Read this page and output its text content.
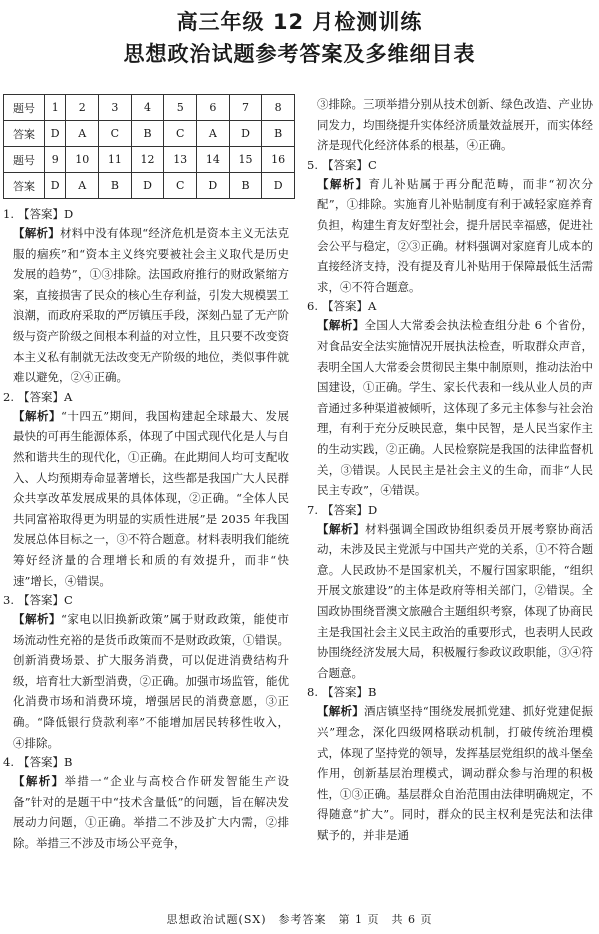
高三年级 12 月检测训练
思想政治试题参考答案及多维细目表
题号	1	2	3	4	5	6	7	8
答案	D	A	C	B	C	A	D	B
题号	9	10	11	12	13	14	15	16
答案	D	A	B	D	C	D	B	D
1. 【答案】D
【解析】材料中没有体现“经济危机是资本主义无法克服的痼疾”和“资本主义终究要被社会主义取代是历史发展的趋势”，①③排除。法国政府推行的财政紧缩方案，直接损害了民众的核心生存利益，引发大规模罢工浪潮，而政府采取的严厉镇压手段，深刻凸显了无产阶级与资产阶级之间根本利益的对立性，且只要不改变资本主义私有制就无法改变无产阶级的地位，类似事件就难以避免，②④正确。
2. 【答案】A
【解析】“十四五”期间，我国构建起全球最大、发展最快的可再生能源体系，体现了中国式现代化是人与自然和谐共生的现代化，①正确。在此期间人均可支配收入、人均预期寿命显著增长，这些都是我国广大人民群众共享改革发展成果的具体体现，②正确。“全体人民共同富裕取得更为明显的实质性进展”是 2035 年我国发展总体目标之一，③不符合题意。材料表明我们能统筹好经济量的合理增长和质的有效提升，而非“快速”增长，④错误。
3. 【答案】C
【解析】“家电以旧换新政策”属于财政政策，能使市场流动性充裕的是货币政策而不是财政政策，①错误。创新消费场景、扩大服务消费，可以促进消费结构升级，培育壮大新型消费，②正确。加强市场监管，能优化消费市场和消费环境，增强居民的消费意愿，③正确。“降低银行贷款利率”不能增加居民转移性收入，④排除。
4. 【答案】B
【解析】举措一“企业与高校合作研发智能生产设备”针对的是题干中“技术含量低”的问题，旨在解决发展动力问题，①正确。举措二不涉及扩大内需，②排除。举措三不涉及市场公平竞争，
③排除。三项举措分别从技术创新、绿色改造、产业协同发力，均围绕提升实体经济质量效益展开，而实体经济是现代化经济体系的根基，④正确。
5. 【答案】C
【解析】育儿补贴属于再分配范畴，而非“初次分配”，①排除。实施育儿补贴制度有利于减轻家庭养育负担，构建生育友好型社会，提升居民幸福感，促进社会公平与稳定，②③正确。材料强调对家庭育儿成本的直接经济支持，没有提及育儿补贴用于保障最低生活需求，④不符合题意。
6. 【答案】A
【解析】全国人大常委会执法检查组分赴 6 个省份，对食品安全法实施情况开展执法检查，听取群众声音，表明全国人大常委会贯彻民主集中制原则，推动法治中国建设，①正确。学生、家长代表和一线从业人员的声音通过多种渠道被倾听，这体现了多元主体参与社会治理，有利于充分反映民意，集中民智，是人民当家作主的生动实践，②正确。人民检察院是我国的法律监督机关，③错误。人民民主是社会主义的生命，而非“人民民主专政”，④错误。
7. 【答案】D
【解析】材料强调全国政协组织委员开展考察协商活动，未涉及民主党派与中国共产党的关系，①不符合题意。人民政协不是国家机关，不履行国家职能，“组织开展文旅建设”的主体是政府等相关部门，②错误。全国政协围绕晋澳文旅融合主题组织考察，体现了协商民主是我国社会主义民主政治的重要形式，也表明人民政协围绕经济发展大局，积极履行参政议政职能，③④符合题意。
8. 【答案】B
【解析】酒店镇坚持“围绕发展抓党建、抓好党建促振兴”理念，深化四级网格联动机制，打破传统治理模式，体现了坚持党的领导，发挥基层党组织的战斗堡垒作用，创新基层治理模式，调动群众参与治理的积极性，①③正确。基层群众自治范围由法律明确规定，不得随意“扩大”。同时，群众的民主权利是宪法和法律赋予的，并非是通
思想政治试题(SX)　参考答案　第 1 页　共 6 页
